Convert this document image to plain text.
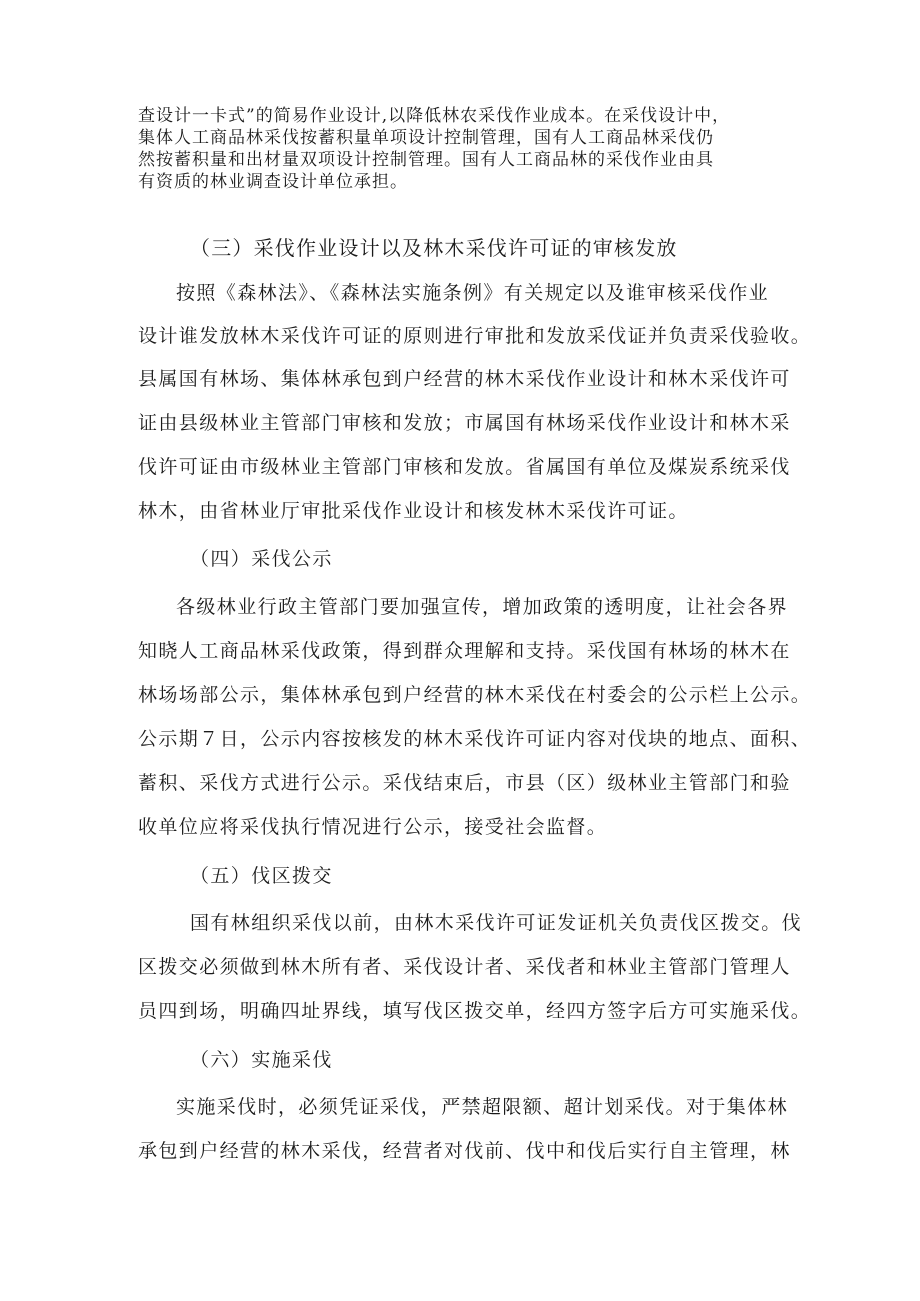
查设计一卡式”的简易作业设计,以降低林农采伐作业成本。在采伐设计中，
集体人工商品林采伐按蓄积量单项设计控制管理，国有人工商品林采伐仍
然按蓄积量和出材量双项设计控制管理。国有人工商品林的采伐作业由具
有资质的林业调查设计单位承担。
（三）采伐作业设计以及林木采伐许可证的审核发放
按照《森林法》、《森林法实施条例》有关规定以及谁审核采伐作业
设计谁发放林木采伐许可证的原则进行审批和发放采伐证并负责采伐验收。
县属国有林场、集体林承包到户经营的林木采伐作业设计和林木采伐许可
证由县级林业主管部门审核和发放；市属国有林场采伐作业设计和林木采
伐许可证由市级林业主管部门审核和发放。省属国有单位及煤炭系统采伐
林木，由省林业厅审批采伐作业设计和核发林木采伐许可证。
（四）采伐公示
各级林业行政主管部门要加强宣传，增加政策的透明度，让社会各界
知晓人工商品林采伐政策，得到群众理解和支持。采伐国有林场的林木在
林场场部公示，集体林承包到户经营的林木采伐在村委会的公示栏上公示。
公示期７日，公示内容按核发的林木采伐许可证内容对伐块的地点、面积、
蓄积、采伐方式进行公示。采伐结束后，市县（区）级林业主管部门和验
收单位应将采伐执行情况进行公示，接受社会监督。
（五）伐区拨交
国有林组织采伐以前，由林木采伐许可证发证机关负责伐区拨交。伐
区拨交必须做到林木所有者、采伐设计者、采伐者和林业主管部门管理人
员四到场，明确四址界线，填写伐区拨交单，经四方签字后方可实施采伐。
（六）实施采伐
实施采伐时，必须凭证采伐，严禁超限额、超计划采伐。对于集体林
承包到户经营的林木采伐，经营者对伐前、伐中和伐后实行自主管理，林
